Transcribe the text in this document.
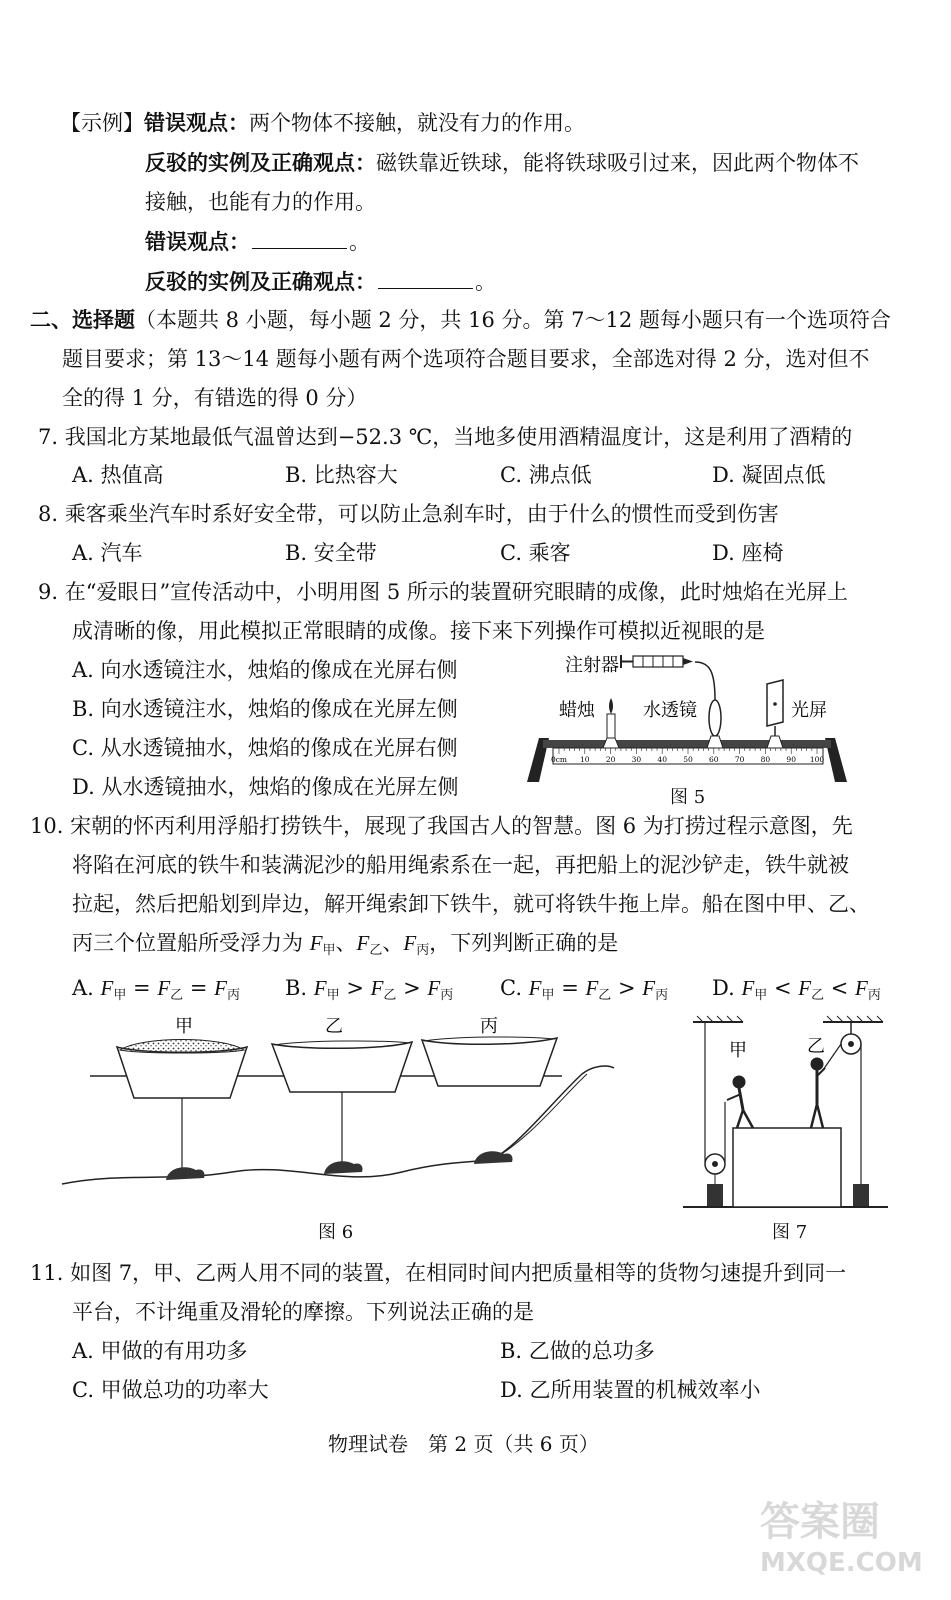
【示例】错误观点：两个物体不接触，就没有力的作用。
反驳的实例及正确观点：磁铁靠近铁球，能将铁球吸引过来，因此两个物体不
接触，也能有力的作用。
错误观点：	。
反驳的实例及正确观点：	。
二、选择题（本题共 8 小题，每小题 2 分，共 16 分。第 7～12 题每小题只有一个选项符合
题目要求；第 13～14 题每小题有两个选项符合题目要求，全部选对得 2 分，选对但不
全的得 1 分，有错选的得 0 分）
7. 我国北方某地最低气温曾达到−52.3 ℃，当地多使用酒精温度计，这是利用了酒精的
A. 热值高	B. 比热容大	C. 沸点低	D. 凝固点低
8. 乘客乘坐汽车时系好安全带，可以防止急刹车时，由于什么的惯性而受到伤害
A. 汽车	B. 安全带	C. 乘客	D. 座椅
9. 在“爱眼日”宣传活动中，小明用图 5 所示的装置研究眼睛的成像，此时烛焰在光屏上
成清晰的像，用此模拟正常眼睛的成像。接下来下列操作可模拟近视眼的是
A. 向水透镜注水，烛焰的像成在光屏右侧
B. 向水透镜注水，烛焰的像成在光屏左侧
C. 从水透镜抽水，烛焰的像成在光屏右侧
D. 从水透镜抽水，烛焰的像成在光屏左侧
0cm 10 20 30 40 50 60 70 80 90 100
注射器
蜡烛	水透镜	光屏
图 5
10. 宋朝的怀丙利用浮船打捞铁牛，展现了我国古人的智慧。图 6 为打捞过程示意图，先
将陷在河底的铁牛和装满泥沙的船用绳索系在一起，再把船上的泥沙铲走，铁牛就被
拉起，然后把船划到岸边，解开绳索卸下铁牛，就可将铁牛拖上岸。船在图中甲、乙、
丙三个位置船所受浮力为 $F_甲$、$F_乙$、$F_丙$，下列判断正确的是
A. $F_甲 = F_乙 = F_丙$ B. $F_甲 > F_乙 > F_丙$ C. $F_甲 = F_乙 > F_丙$ D. $F_甲 < F_乙 < F_丙$
甲	乙	丙
图 6
甲	乙
图 7
11. 如图 7，甲、乙两人用不同的装置，在相同时间内把质量相等的货物匀速提升到同一
平台，不计绳重及滑轮的摩擦。下列说法正确的是
A. 甲做的有用功多	B. 乙做的总功多
C. 甲做总功的功率大	D. 乙所用装置的机械效率小
物理试卷　第 2 页（共 6 页）
答案圈
MXQE.COM
